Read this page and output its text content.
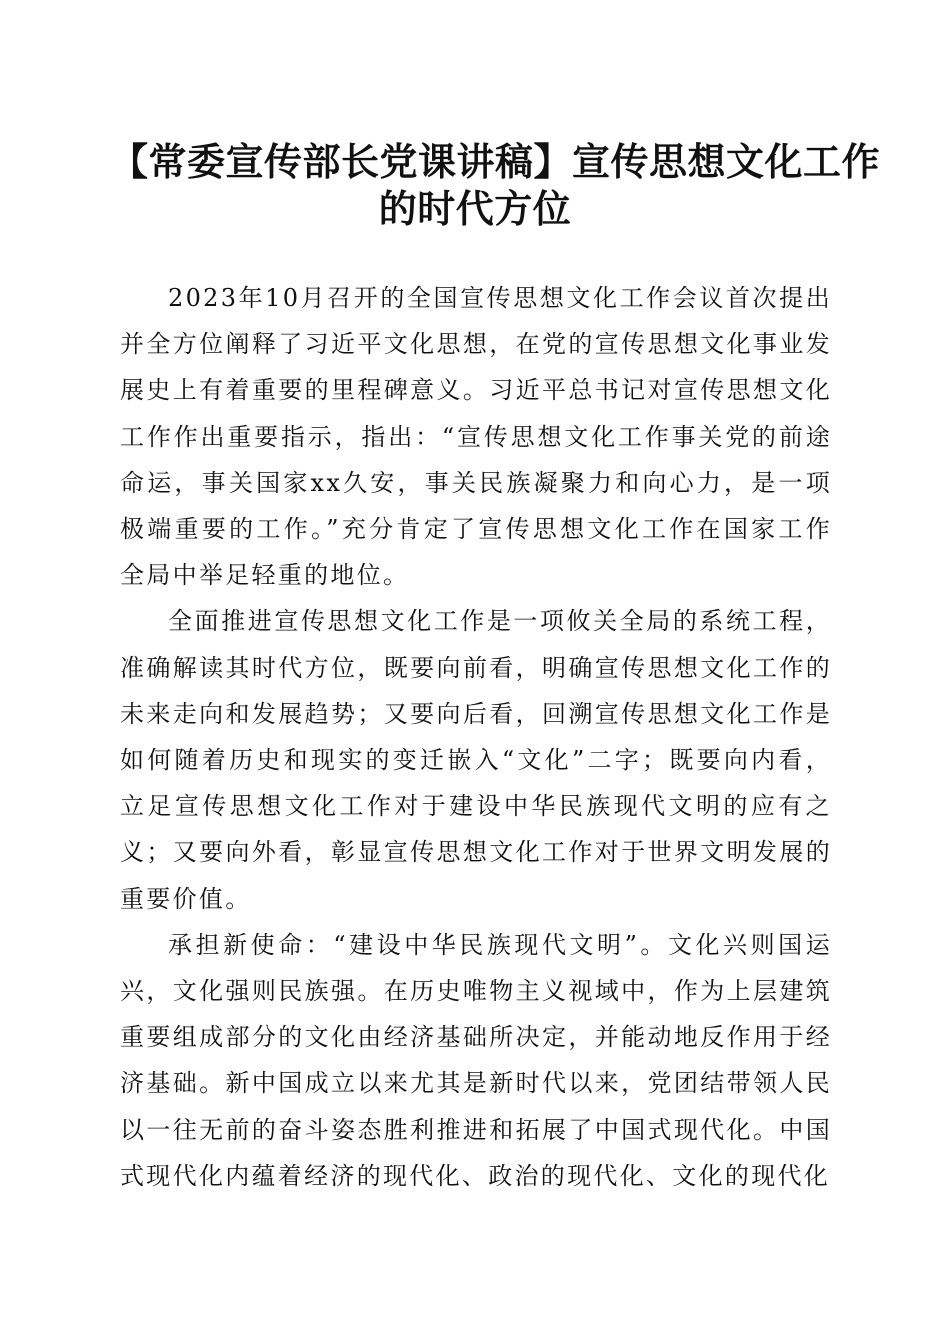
【常委宣传部长党课讲稿】宣传思想文化工作
的时代方位

2023年10月召开的全国宣传思想文化工作会议首次提出并全方位阐释了习近平文化思想，在党的宣传思想文化事业发展史上有着重要的里程碑意义。习近平总书记对宣传思想文化工作作出重要指示，指出：“宣传思想文化工作事关党的前途命运，事关国家xx久安，事关民族凝聚力和向心力，是一项极端重要的工作。”充分肯定了宣传思想文化工作在国家工作全局中举足轻重的地位。

全面推进宣传思想文化工作是一项攸关全局的系统工程，准确解读其时代方位，既要向前看，明确宣传思想文化工作的未来走向和发展趋势；又要向后看，回溯宣传思想文化工作是如何随着历史和现实的变迁嵌入“文化”二字；既要向内看，立足宣传思想文化工作对于建设中华民族现代文明的应有之义；又要向外看，彰显宣传思想文化工作对于世界文明发展的重要价值。

承担新使命：“建设中华民族现代文明”。文化兴则国运兴，文化强则民族强。在历史唯物主义视域中，作为上层建筑重要组成部分的文化由经济基础所决定，并能动地反作用于经济基础。新中国成立以来尤其是新时代以来，党团结带领人民以一往无前的奋斗姿态胜利推进和拓展了中国式现代化。中国式现代化内蕴着经济的现代化、政治的现代化、文化的现代化
